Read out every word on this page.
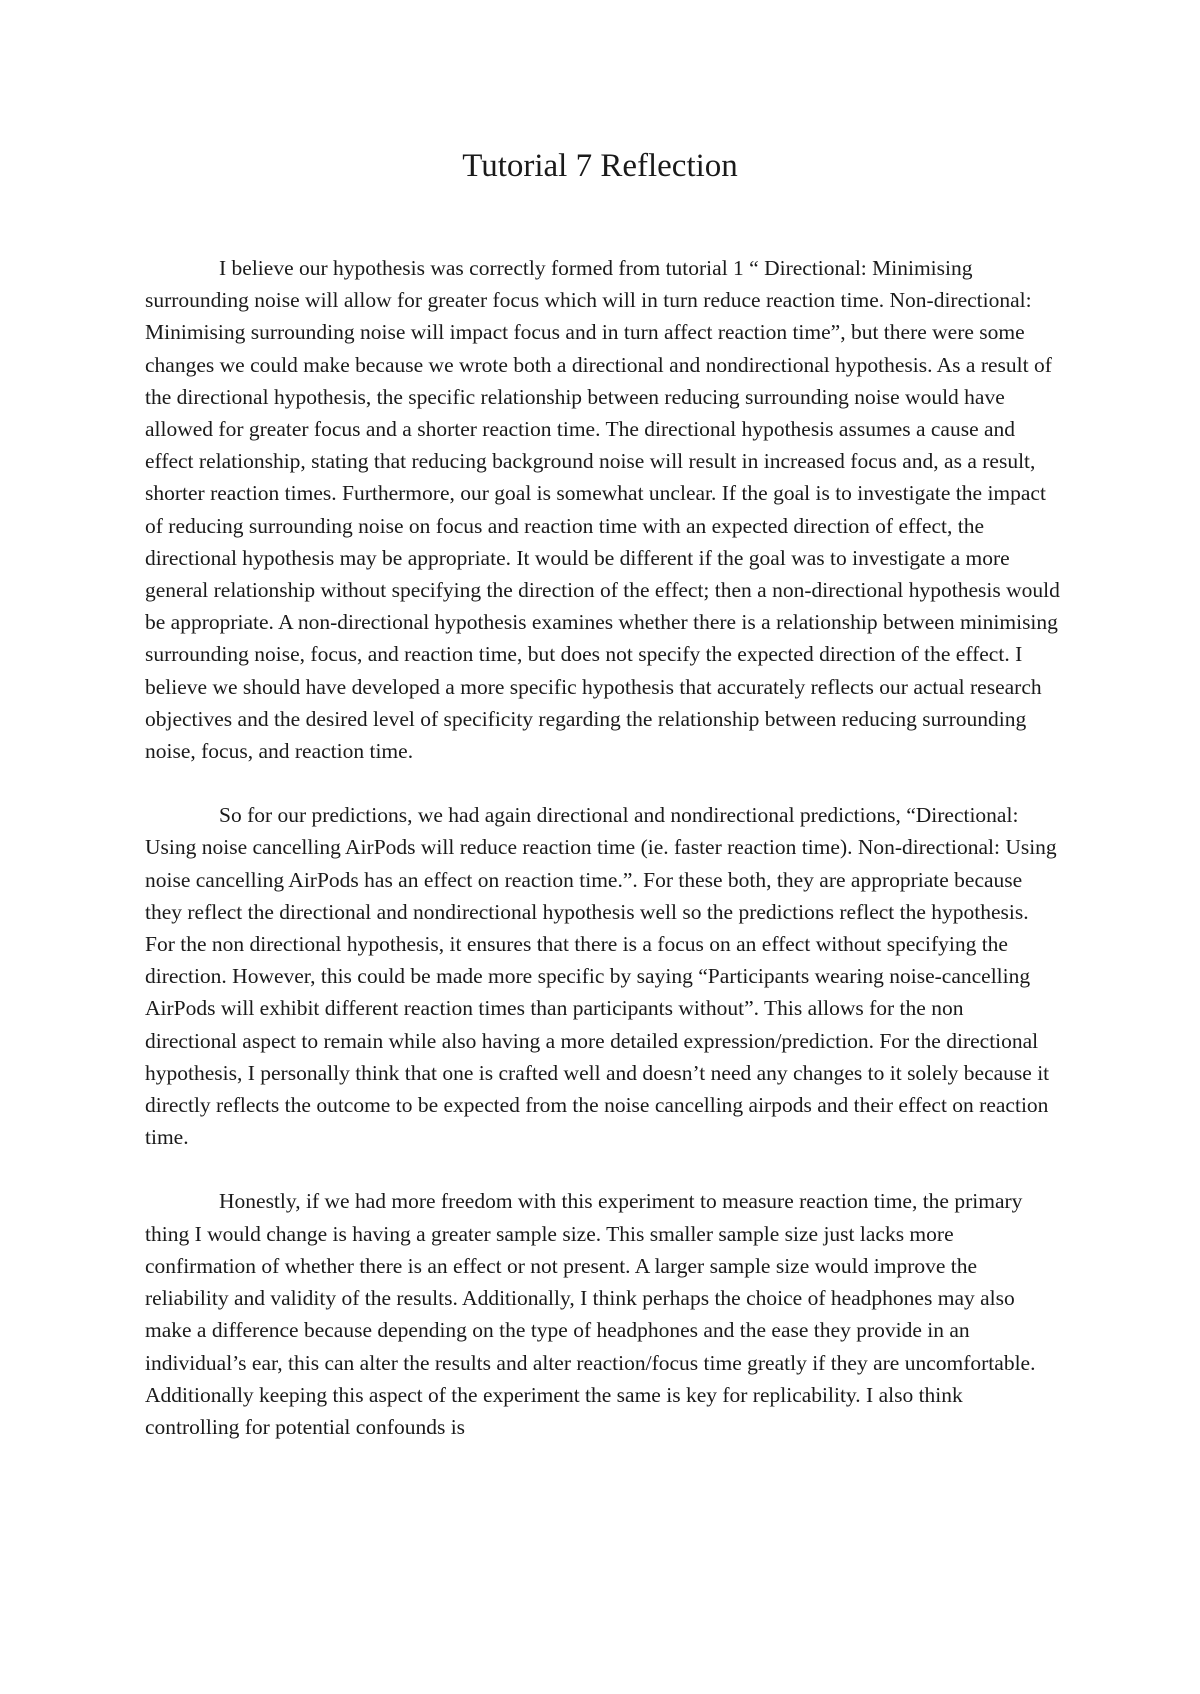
Tutorial 7 Reflection

I believe our hypothesis was correctly formed from tutorial 1 “ Directional: Minimising surrounding noise will allow for greater focus which will in turn reduce reaction time. Non-directional: Minimising surrounding noise will impact focus and in turn affect reaction time”, but there were some changes we could make because we wrote both a directional and nondirectional hypothesis. As a result of the directional hypothesis, the specific relationship between reducing surrounding noise would have allowed for greater focus and a shorter reaction time. The directional hypothesis assumes a cause and effect relationship, stating that reducing background noise will result in increased focus and, as a result, shorter reaction times. Furthermore, our goal is somewhat unclear. If the goal is to investigate the impact of reducing surrounding noise on focus and reaction time with an expected direction of effect, the directional hypothesis may be appropriate. It would be different if the goal was to investigate a more general relationship without specifying the direction of the effect; then a non-directional hypothesis would be appropriate. A non-directional hypothesis examines whether there is a relationship between minimising surrounding noise, focus, and reaction time, but does not specify the expected direction of the effect. I believe we should have developed a more specific hypothesis that accurately reflects our actual research objectives and the desired level of specificity regarding the relationship between reducing surrounding noise, focus, and reaction time.

So for our predictions, we had again directional and nondirectional predictions, “Directional: Using noise cancelling AirPods will reduce reaction time (ie. faster reaction time). Non-directional: Using noise cancelling AirPods has an effect on reaction time.”. For these both, they are appropriate because they reflect the directional and nondirectional hypothesis well so the predictions reflect the hypothesis. For the non directional hypothesis, it ensures that there is a focus on an effect without specifying the direction. However, this could be made more specific by saying “Participants wearing noise-cancelling AirPods will exhibit different reaction times than participants without”. This allows for the non directional aspect to remain while also having a more detailed expression/prediction. For the directional hypothesis, I personally think that one is crafted well and doesn’t need any changes to it solely because it directly reflects the outcome to be expected from the noise cancelling airpods and their effect on reaction time.

Honestly, if we had more freedom with this experiment to measure reaction time, the primary thing I would change is having a greater sample size. This smaller sample size just lacks more confirmation of whether there is an effect or not present. A larger sample size would improve the reliability and validity of the results. Additionally, I think perhaps the choice of headphones may also make a difference because depending on the type of headphones and the ease they provide in an individual’s ear, this can alter the results and alter reaction/focus time greatly if they are uncomfortable. Additionally keeping this aspect of the experiment the same is key for replicability. I also think controlling for potential confounds is
